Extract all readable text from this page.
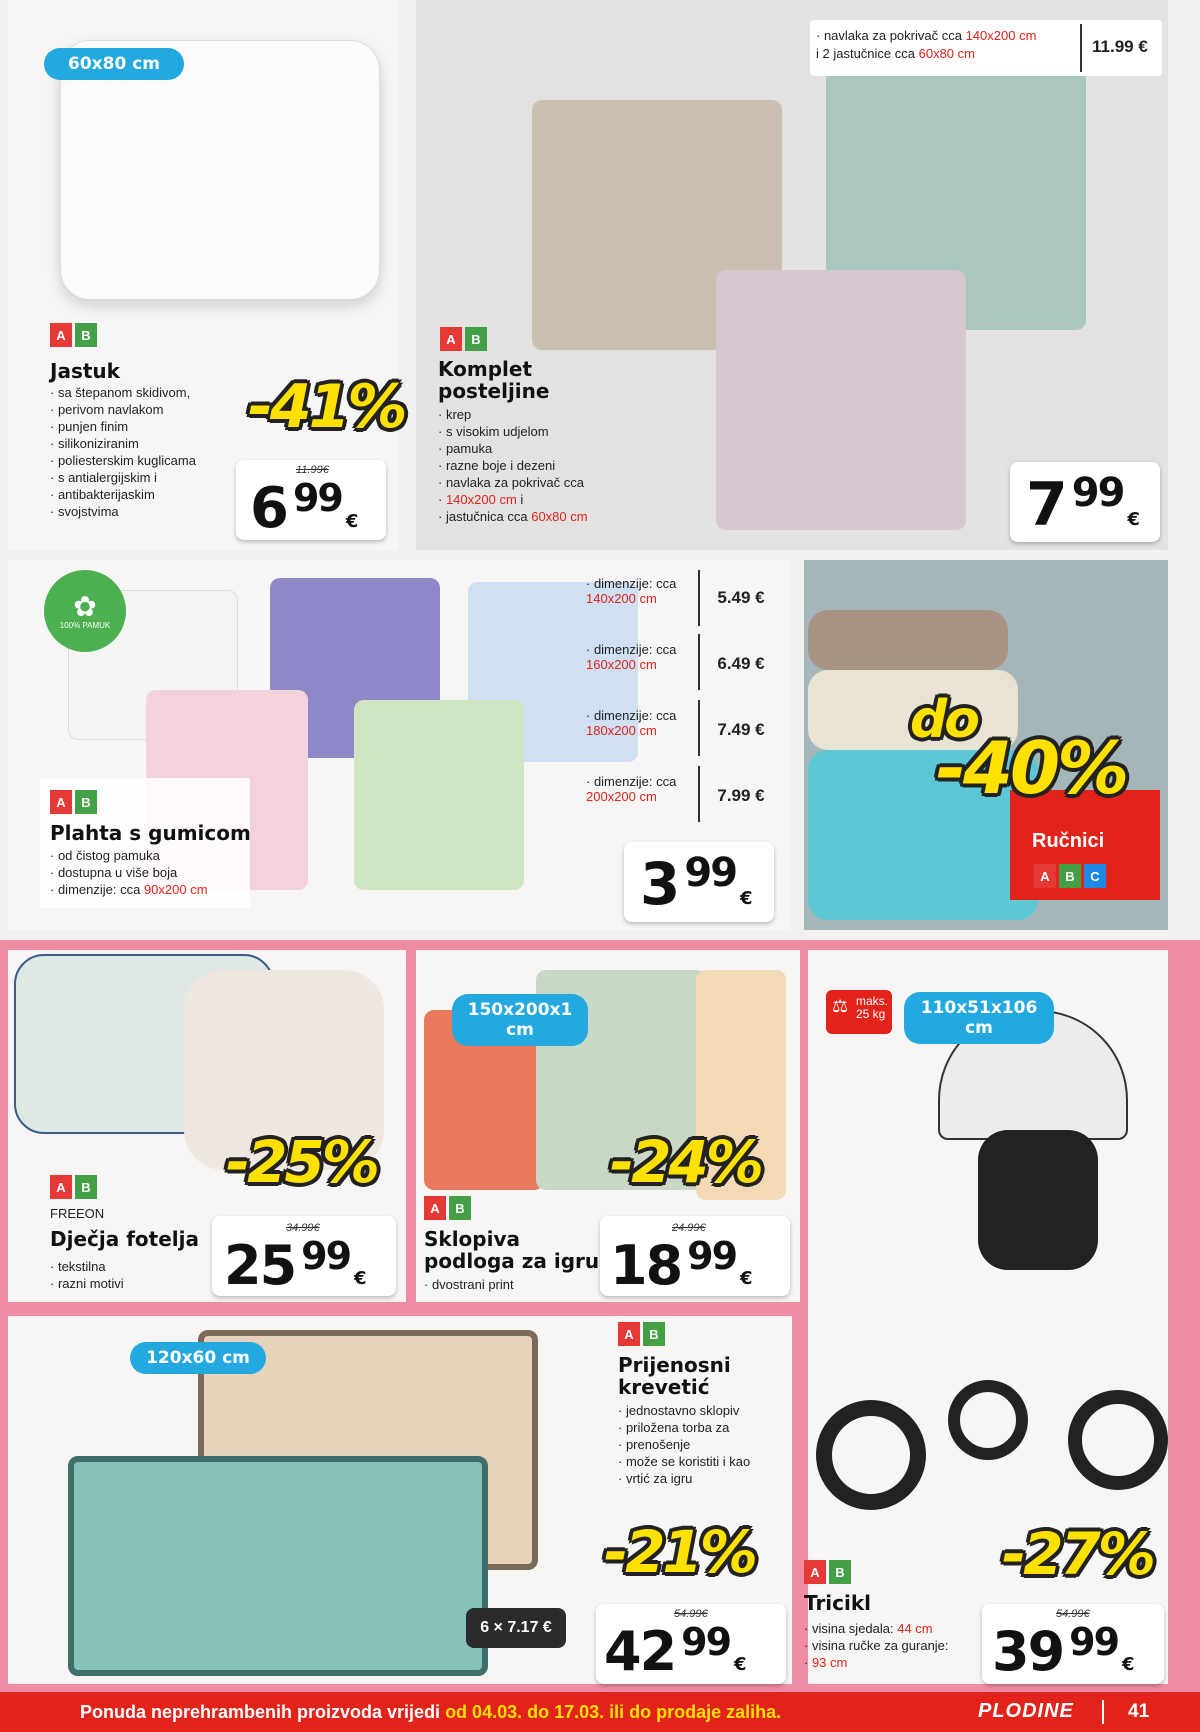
60x80 cm
A	B
Jastuk
· sa štepanom skidivom,
· perivom navlakom
· punjen finim
· silikoniziranim
· poliesterskim kuglicama
· s antialergijskim i
· antibakterijaskim
· svojstvima
-41%
11.99€
6 $^{99}$€
· navlaka za pokrivač cca 140x200 cm
i 2 jastučnice cca 60x80 cm	11.99 €
A	B
Komplet
posteljine
· krep
· s visokim udjelom
· pamuka
· razne boje i dezeni
· navlaka za pokrivač cca
· 140x200 cm i
· jastučnica cca 60x80 cm	7 $^{99}$€
✿
100% PAMUK
A	B
Plahta s gumicom
· od čistog pamuka
· dostupna u više boja
· dimenzije: cca 90x200 cm
· dimenzije: cca
140x200 cm	5.49 €
· dimenzije: cca
160x200 cm	6.49 €
· dimenzije: cca
180x200 cm	7.49 €
· dimenzije: cca
200x200 cm	7.99 €
3 $^{99}$€
do
-40%
Ručnici
A	B	C
-25%
A	B
FREEON
Dječja fotelja
· tekstilna
· razni motivi
34.99€
25 $^{99}$€
150x200x1 cm
-24%
A	B
Sklopiva
podloga za igru
· dvostrani print
24.99€
18 $^{99}$€
⚖ maks.
25 kg	110x51x106 cm
-27%
A	B
Tricikl
· visina sjedala: 44 cm
· visina ručke za guranje:
· 93 cm
54.99€
39 $^{99}$€
120x60 cm
A	B
Prijenosni
krevetić
· jednostavno sklopiv
· priložena torba za
· prenošenje
· može se koristiti i kao
· vrtić za igru
6 × 7.17 €
-21%
54.99€
42 $^{99}$€
Ponuda neprehrambenih proizvoda vrijedi od 04.03. do 17.03. ili do prodaje zaliha.	PLODINE	41
